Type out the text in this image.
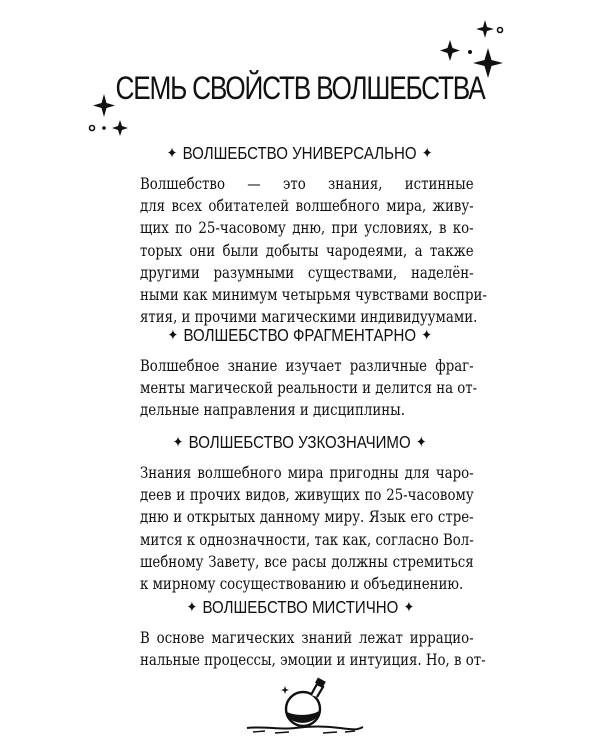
СЕМЬ СВОЙСТВ ВОЛШЕБСТВА
✦ ВОЛШЕБСТВО УНИВЕРСАЛЬНО ✦
Волшебство — это знания, истинные
для всех обитателей волшебного мира, живу-
щих по 25-часовому дню, при условиях, в ко-
торых они были добыты чародеями, а также
другими разумными существами, наделён-
ными как минимум четырьмя чувствами воспри-
ятия, и прочими магическими индивидуумами.
✦ ВОЛШЕБСТВО ФРАГМЕНТАРНО ✦
Волшебное знание изучает различные фраг-
менты магической реальности и делится на от-
дельные направления и дисциплины.
✦ ВОЛШЕБСТВО УЗКОЗНАЧИМО ✦
Знания волшебного мира пригодны для чаро-
деев и прочих видов, живущих по 25-часовому
дню и открытых данному миру. Язык его стре-
мится к однозначности, так как, согласно Вол-
шебному Завету, все расы должны стремиться
к мирному сосуществованию и объединению.
✦ ВОЛШЕБСТВО МИСТИЧНО ✦
В основе магических знаний лежат иррацио-
нальные процессы, эмоции и интуиция. Но, в от-
